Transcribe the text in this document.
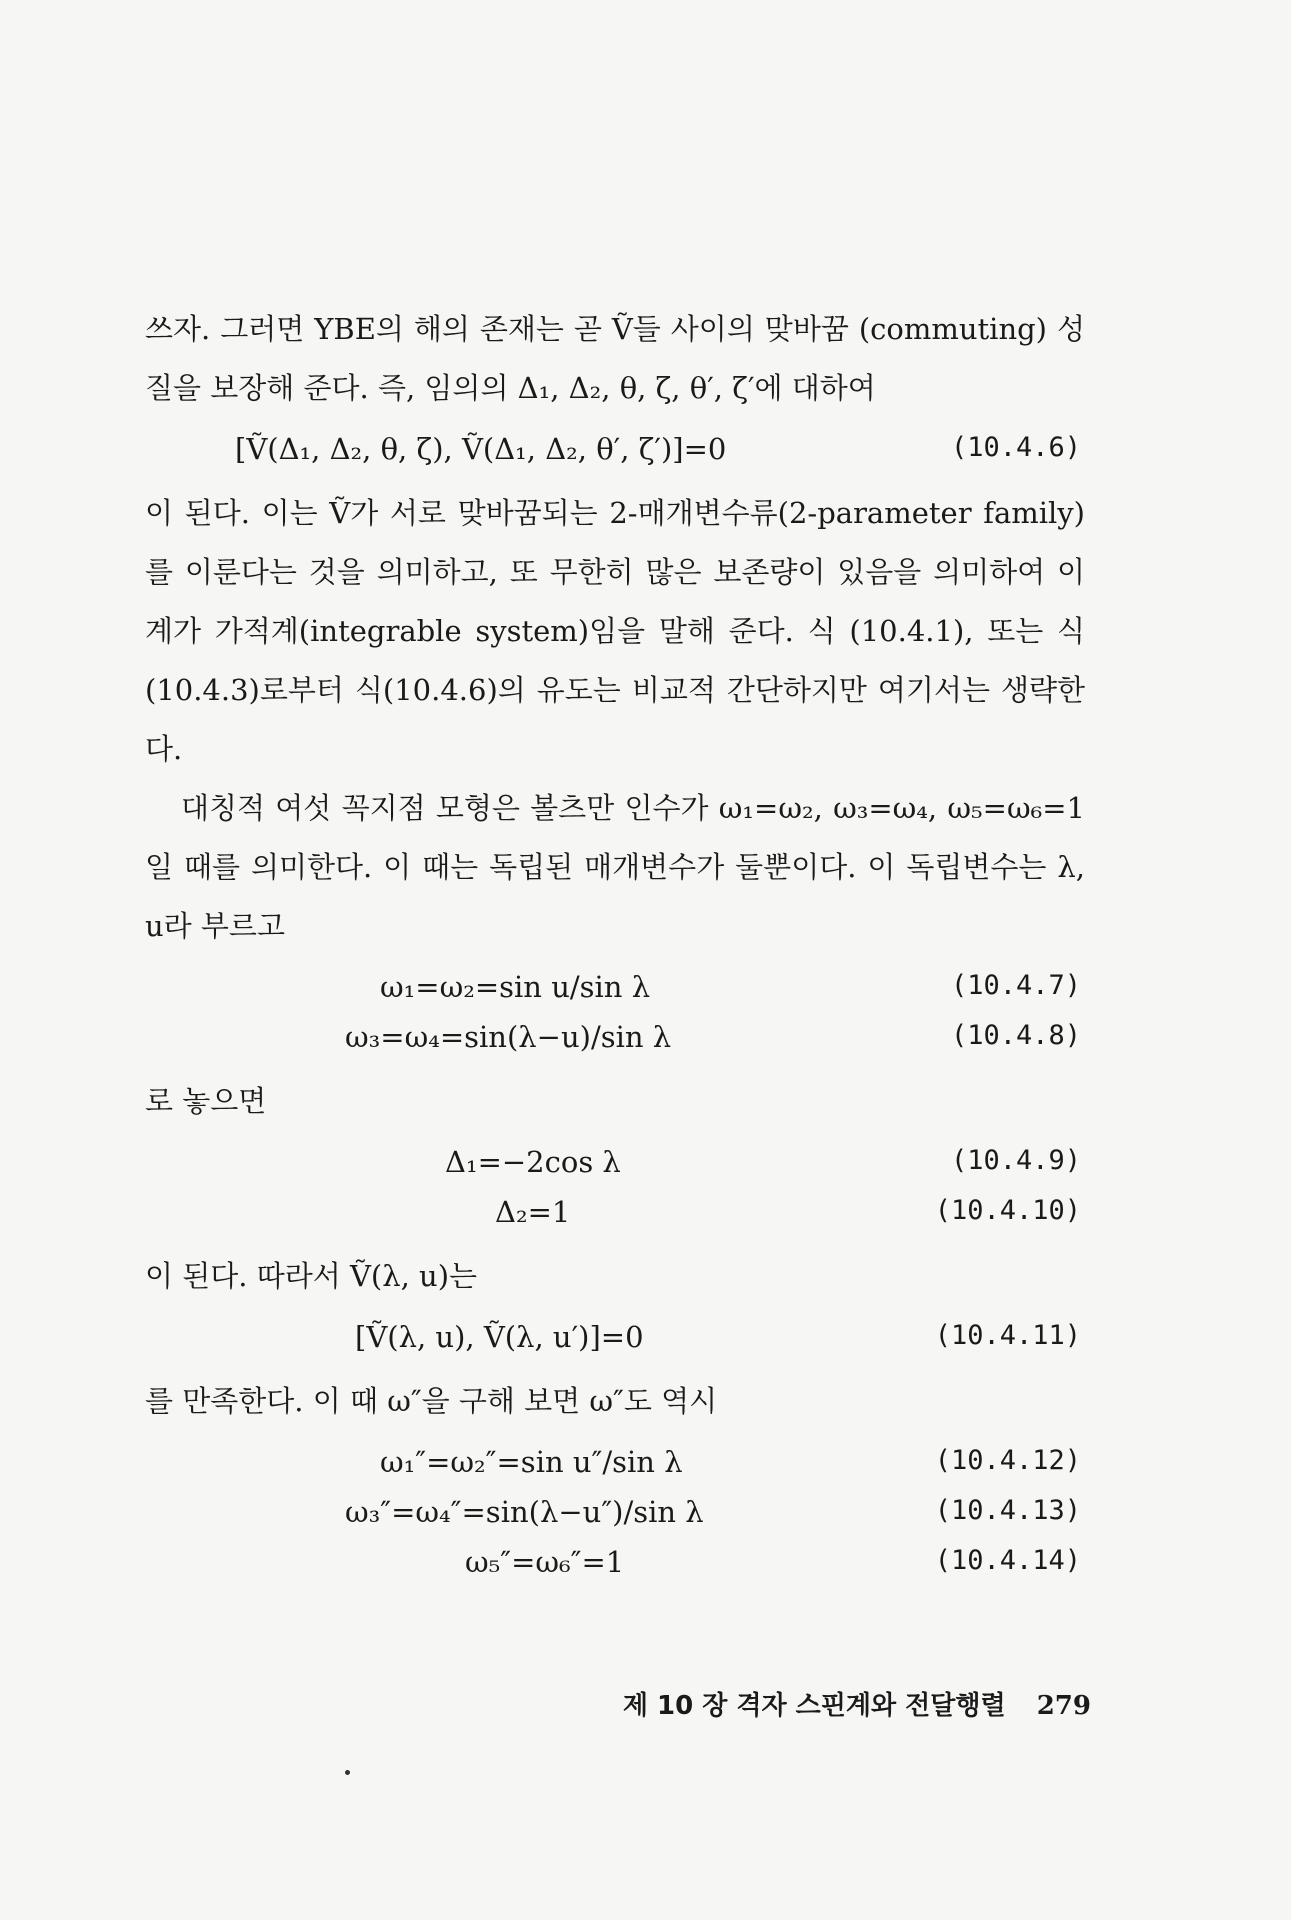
쓰자. 그러면 YBE의 해의 존재는 곧 Ṽ들 사이의 맞바꿈 (commuting) 성질을 보장해 준다. 즉, 임의의 Δ₁, Δ₂, θ, ζ, θ′, ζ′에 대하여

[Ṽ(Δ₁, Δ₂, θ, ζ), Ṽ(Δ₁, Δ₂, θ′, ζ′)]=0	(10.4.6)

이 된다. 이는 Ṽ가 서로 맞바꿈되는 2-매개변수류(2-parameter family)를 이룬다는 것을 의미하고, 또 무한히 많은 보존량이 있음을 의미하여 이 계가 가적계(integrable system)임을 말해 준다. 식 (10.4.1), 또는 식 (10.4.3)로부터 식(10.4.6)의 유도는 비교적 간단하지만 여기서는 생략한다.

대칭적 여섯 꼭지점 모형은 볼츠만 인수가 ω₁=ω₂, ω₃=ω₄, ω₅=ω₆=1일 때를 의미한다. 이 때는 독립된 매개변수가 둘뿐이다. 이 독립변수는 λ, u라 부르고

ω₁=ω₂=sin u/sin λ	(10.4.7)
ω₃=ω₄=sin(λ−u)/sin λ	(10.4.8)

로 놓으면

Δ₁=−2cos λ	(10.4.9)
Δ₂=1	(10.4.10)

이 된다. 따라서 Ṽ(λ, u)는

[Ṽ(λ, u), Ṽ(λ, u′)]=0	(10.4.11)

를 만족한다. 이 때 ω″을 구해 보면 ω″도 역시

ω₁″=ω₂″=sin u″/sin λ	(10.4.12)
ω₃″=ω₄″=sin(λ−u″)/sin λ	(10.4.13)
ω₅″=ω₆″=1	(10.4.14)
제 10 장 격자 스핀계와 전달행렬 279
